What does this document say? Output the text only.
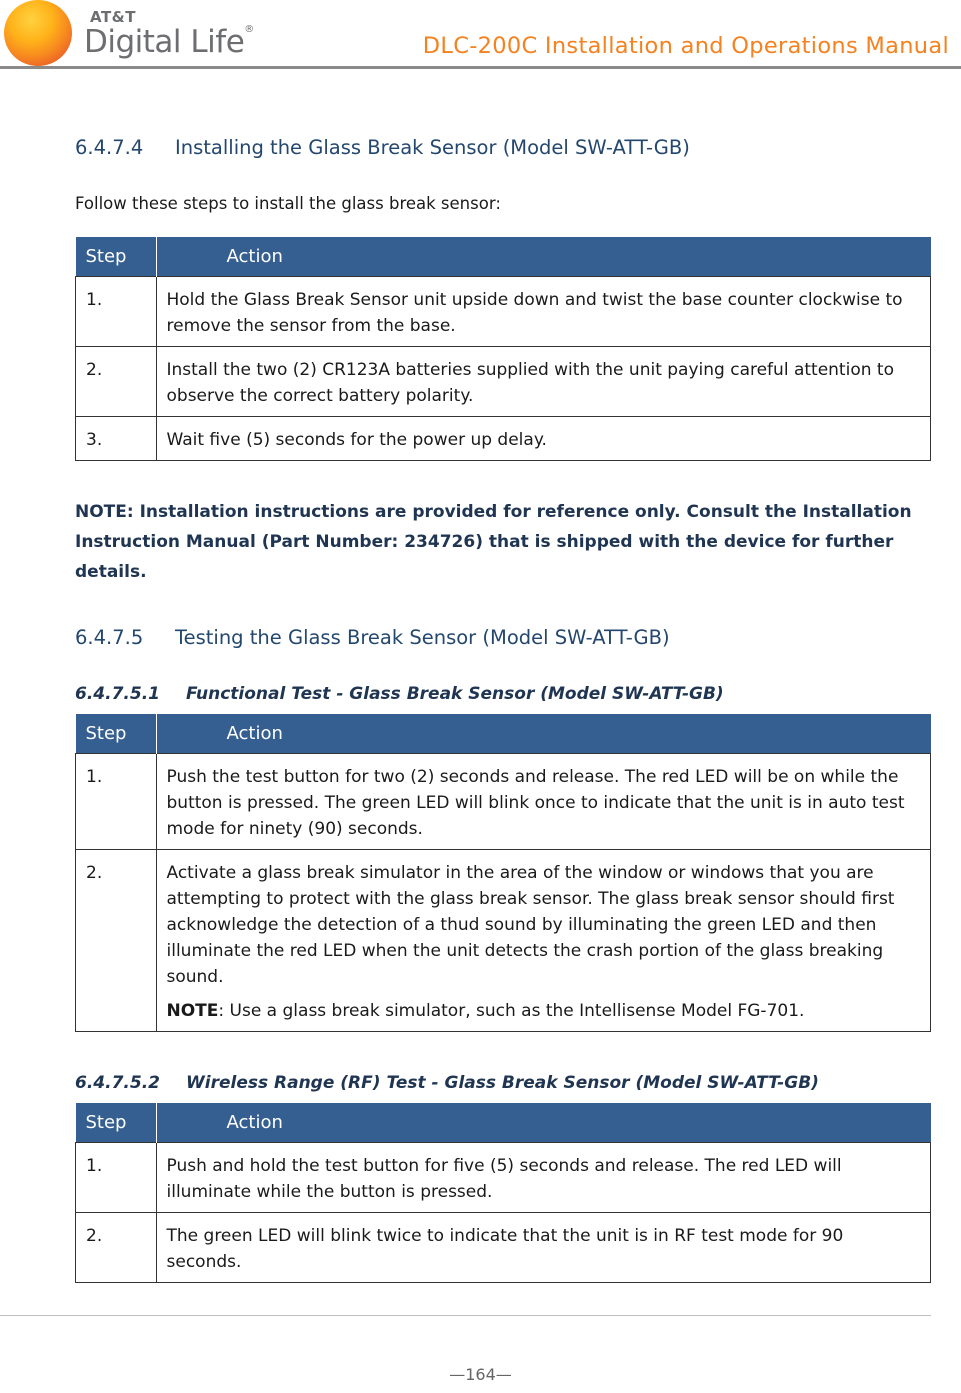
AT&T
Digital Life®
DLC-200C Installation and Operations Manual
6.4.7.4 Installing the Glass Break Sensor (Model SW-ATT-GB)
Follow these steps to install the glass break sensor:
Step	Action
1.	Hold the Glass Break Sensor unit upside down and twist the base counter clockwise to remove the sensor from the base.
2.	Install the two (2) CR123A batteries supplied with the unit paying careful attention to observe the correct battery polarity.
3.	Wait five (5) seconds for the power up delay.
NOTE: Installation instructions are provided for reference only. Consult the Installation Instruction Manual (Part Number: 234726) that is shipped with the device for further details.
6.4.7.5 Testing the Glass Break Sensor (Model SW-ATT-GB)
6.4.7.5.1 Functional Test - Glass Break Sensor (Model SW-ATT-GB)
Step	Action
1.	Push the test button for two (2) seconds and release. The red LED will be on while the button is pressed. The green LED will blink once to indicate that the unit is in auto test mode for ninety (90) seconds.
2.	Activate a glass break simulator in the area of the window or windows that you are attempting to protect with the glass break sensor. The glass break sensor should first acknowledge the detection of a thud sound by illuminating the green LED and then illuminate the red LED when the unit detects the crash portion of the glass breaking sound.

NOTE: Use a glass break simulator, such as the Intellisense Model FG-701.

6.4.7.5.2 Wireless Range (RF) Test - Glass Break Sensor (Model SW-ATT-GB)
Step	Action
1.	Push and hold the test button for five (5) seconds and release. The red LED will illuminate while the button is pressed.
2.	The green LED will blink twice to indicate that the unit is in RF test mode for 90 seconds.
—164—
